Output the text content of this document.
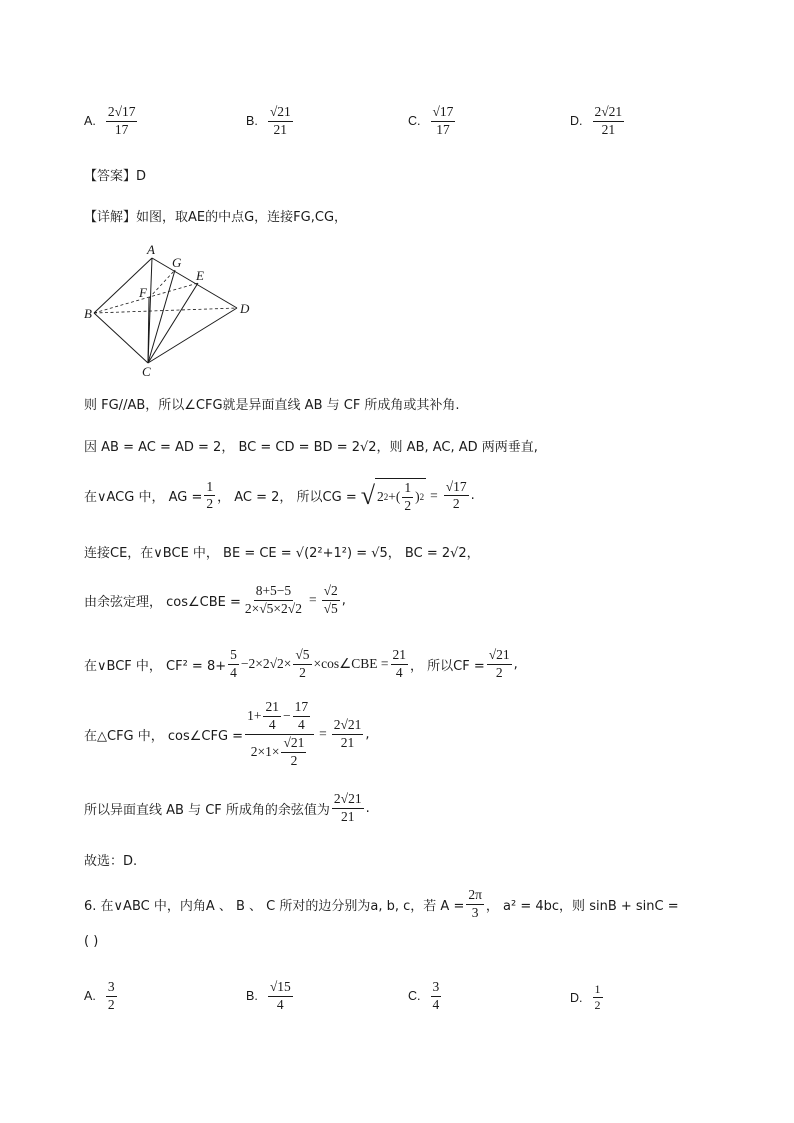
A. $\frac{2√17}{17}$	B. $\frac{√21}{21}$	C. $\frac{√17}{17}$	D. $\frac{2√21}{21}$
【答案】D
【详解】如图，取AE的中点G，连接FG,CG，
A
G
E
F
B	D
C
则 FG//AB，所以∠CFG就是异面直线 AB 与 CF 所成角或其补角.
因 AB = AC = AD = 2， BC = CD = BD = 2√2，则 AB, AC, AD 两两垂直,
在∨ACG 中， AG = $\frac{1}{2}$ ， AC = 2， 所以CG = √ 2 2 +( $\frac{1}{2}$ ) $2 = \frac{√17}{2}$ .
连接CE，在∨BCE 中， BE = CE = √(2²+1²) = √5， BC = 2√2，
由余弦定理， cos∠CBE = $\frac{8+5-5}{2\times√5\times 2√2} = \frac{√2}{√5}$ ,
在∨BCF 中， $CF^2 = 8+ \frac{5}{4} -2\times 2√2\times \frac{√5}{2}$ ×cos∠CBE = $\frac{21}{4}$ ， 所以CF = $\frac{√21}{2}$ ,
在△CFG 中， cos∠CFG = $\frac{1+ \frac{21}{4} - \frac{17}{4}}{2\times 1\times \frac{√21}{2}} = \frac{2√21}{21}$ ,
所以异面直线 AB 与 CF 所成角的余弦值为 $\frac{2√21}{21}$ .
故选：D.
6. 在∨ABC 中，内角A 、 B 、 C 所对的边分别为a, b, c，若 $A = \frac{2\pi}{3}$ ， a² = 4bc，则 sinB + sinC =
( )
A. $\frac{3}{2}$	B. $\frac{√15}{4}$	C. $\frac{3}{4}$	D. $\frac{1}{2}$
